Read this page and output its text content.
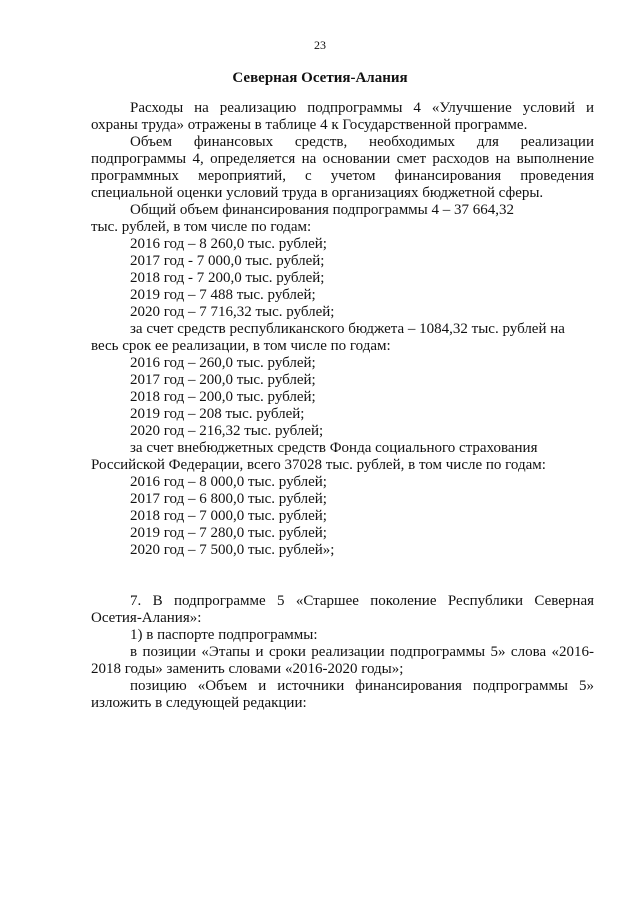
23
Северная Осетия-Алания

Расходы на реализацию подпрограммы 4 «Улучшение условий и

охраны труда» отражены в таблице 4 к Государственной программе.

Объем финансовых средств, необходимых для реализации

подпрограммы 4, определяется на основании смет расходов на выполнение

программных мероприятий, с учетом финансирования проведения

специальной оценки условий труда в организациях бюджетной сферы.

Общий объем финансирования подпрограммы 4 – 37 664,32

тыс. рублей, в том числе по годам:

2016 год – 8 260,0 тыс. рублей;

2017 год - 7 000,0 тыс. рублей;

2018 год - 7 200,0 тыс. рублей;

2019 год – 7 488 тыс. рублей;

2020 год – 7 716,32 тыс. рублей;

за счет средств республиканского бюджета – 1084,32 тыс. рублей на

весь срок ее реализации, в том числе по годам:

2016 год – 260,0 тыс. рублей;

2017 год – 200,0 тыс. рублей;

2018 год – 200,0 тыс. рублей;

2019 год – 208 тыс. рублей;

2020 год – 216,32 тыс. рублей;

за счет внебюджетных средств Фонда социального страхования

Российской Федерации, всего 37028 тыс. рублей, в том числе по годам:

2016 год – 8 000,0 тыс. рублей;

2017 год – 6 800,0 тыс. рублей;

2018 год – 7 000,0 тыс. рублей;

2019 год – 7 280,0 тыс. рублей;

2020 год – 7 500,0 тыс. рублей»;

7. В подпрограмме 5 «Старшее поколение Республики Северная

Осетия-Алания»:

1) в паспорте подпрограммы:

в позиции «Этапы и сроки реализации подпрограммы 5» слова «2016-

2018 годы» заменить словами «2016-2020 годы»;

позицию «Объем и источники финансирования подпрограммы 5»

изложить в следующей редакции:
